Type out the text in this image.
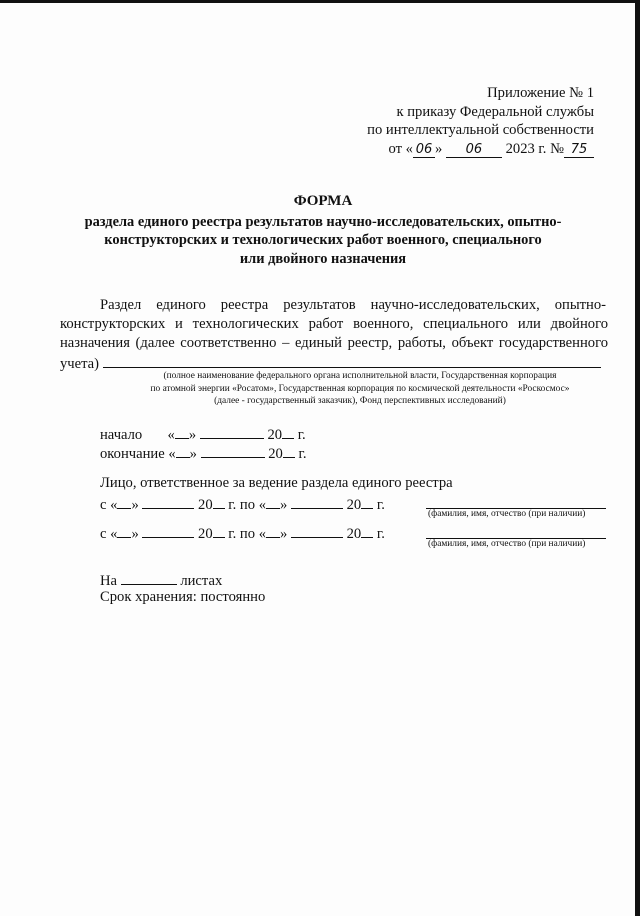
Приложение № 1
к приказу Федеральной службы
по интеллектуальной собственности
от « 06 » 06 2023 г. № 75
ФОРМА
раздела единого реестра результатов научно-исследовательских, опытно-
конструкторских и технологических работ военного, специального
или двойного назначения
Раздел единого реестра результатов научно-исследовательских, опытно-
конструкторских и технологических работ военного, специального или двойного
назначения (далее соответственно – единый реестр, работы, объект государственного
учета)
(полное наименование федерального органа исполнительной власти, Государственная корпорация
по атомной энергии «Росатом», Государственная корпорация по космической деятельности «Роскосмос»
(далее - государственный заказчик), Фонд перспективных исследований)
начало « »	20 г.
окончание « »	20 г.
Лицо, ответственное за ведение раздела единого реестра
с « »	20 г. по « »	20 г.
(фамилия, имя, отчество (при наличии)
с « »	20 г. по « »	20 г.
(фамилия, имя, отчество (при наличии)
На	листах
Срок хранения: постоянно
